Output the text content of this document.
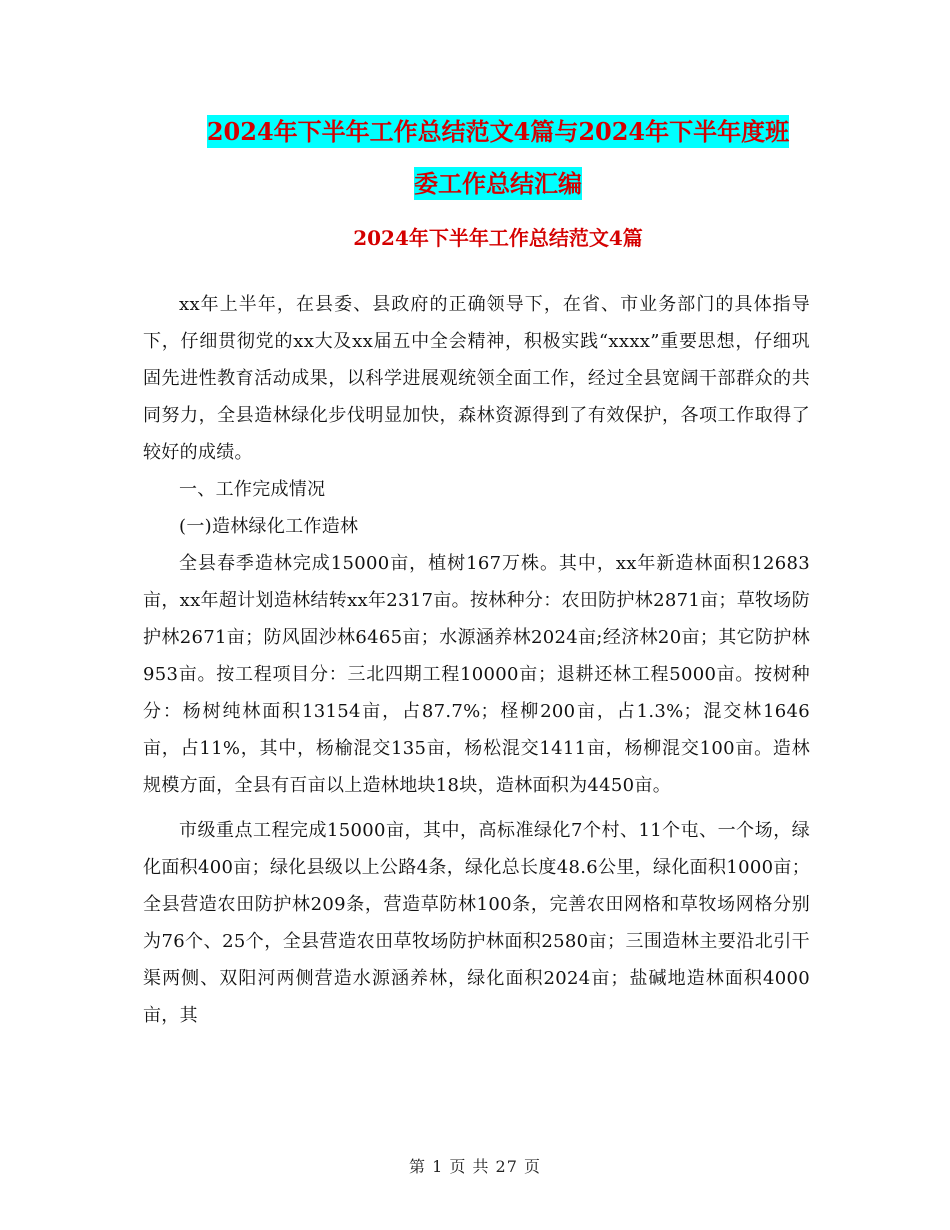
2024年下半年工作总结范文4篇与2024年下半年度班
委工作总结汇编
2024年下半年工作总结范文4篇

xx年上半年，在县委、县政府的正确领导下，在省、市业务部门的具体指导下，仔细贯彻党的xx大及xx届五中全会精神，积极实践“xxxx”重要思想，仔细巩固先进性教育活动成果，以科学进展观统领全面工作，经过全县宽阔干部群众的共同努力，全县造林绿化步伐明显加快，森林资源得到了有效保护，各项工作取得了较好的成绩。

一、工作完成情况

(一)造林绿化工作造林

全县春季造林完成15000亩，植树167万株。其中，xx年新造林面积12683亩，xx年超计划造林结转xx年2317亩。按林种分：农田防护林2871亩；草牧场防护林2671亩；防风固沙林6465亩；水源涵养林2024亩;经济林20亩；其它防护林953亩。按工程项目分：三北四期工程10000亩；退耕还林工程5000亩。按树种分：杨树纯林面积13154亩，占87.7%；柽柳200亩，占1.3%；混交林1646亩，占11%，其中，杨榆混交135亩，杨松混交1411亩，杨柳混交100亩。造林规模方面，全县有百亩以上造林地块18块，造林面积为4450亩。

市级重点工程完成15000亩，其中，高标准绿化7个村、11个屯、一个场，绿化面积400亩；绿化县级以上公路4条，绿化总长度48.6公里，绿化面积1000亩；全县营造农田防护林209条，营造草防林100条，完善农田网格和草牧场网格分别为76个、25个，全县营造农田草牧场防护林面积2580亩；三围造林主要沿北引干渠两侧、双阳河两侧营造水源涵养林，绿化面积2024亩；盐碱地造林面积4000亩，其

第 1 页 共 27 页
